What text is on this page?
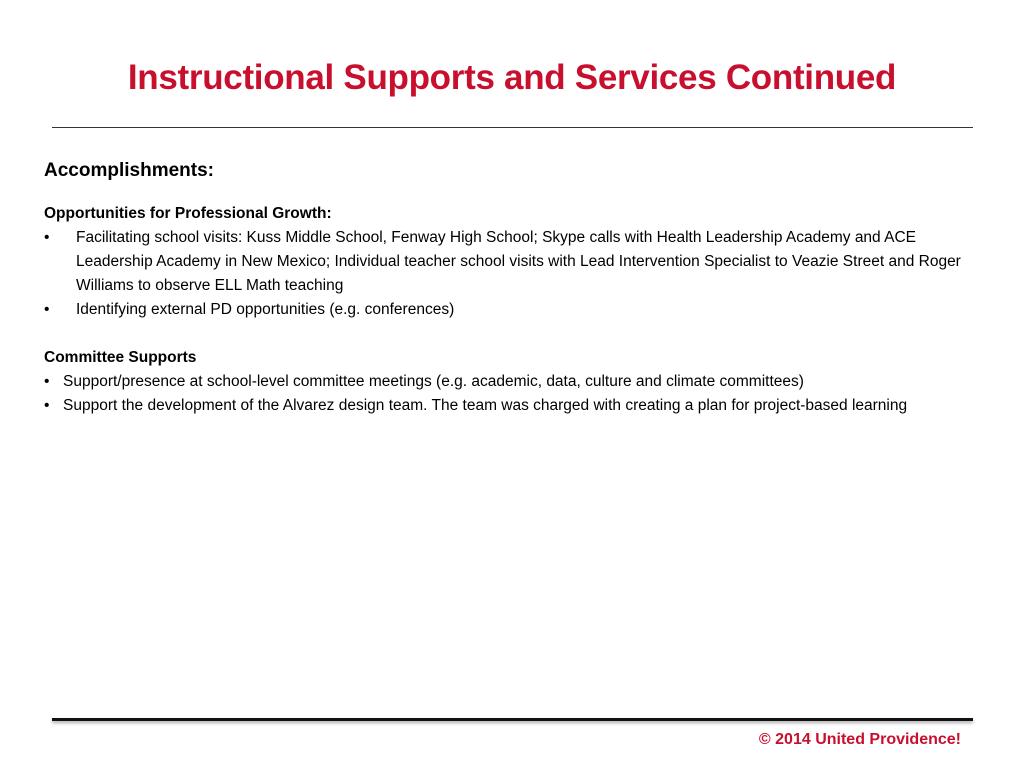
Instructional Supports and Services Continued
Accomplishments:
Opportunities for Professional Growth:
• Facilitating school visits: Kuss Middle School, Fenway High School; Skype calls with Health Leadership Academy and ACE Leadership Academy in New Mexico; Individual teacher school visits with Lead Intervention Specialist to Veazie Street and Roger Williams to observe ELL Math teaching
• Identifying external PD opportunities (e.g. conferences)
Committee Supports
• Support/presence at school-level committee meetings (e.g. academic, data, culture and climate committees)
• Support the development of the Alvarez design team. The team was charged with creating a plan for project-based learning
© 2014 United Providence!
